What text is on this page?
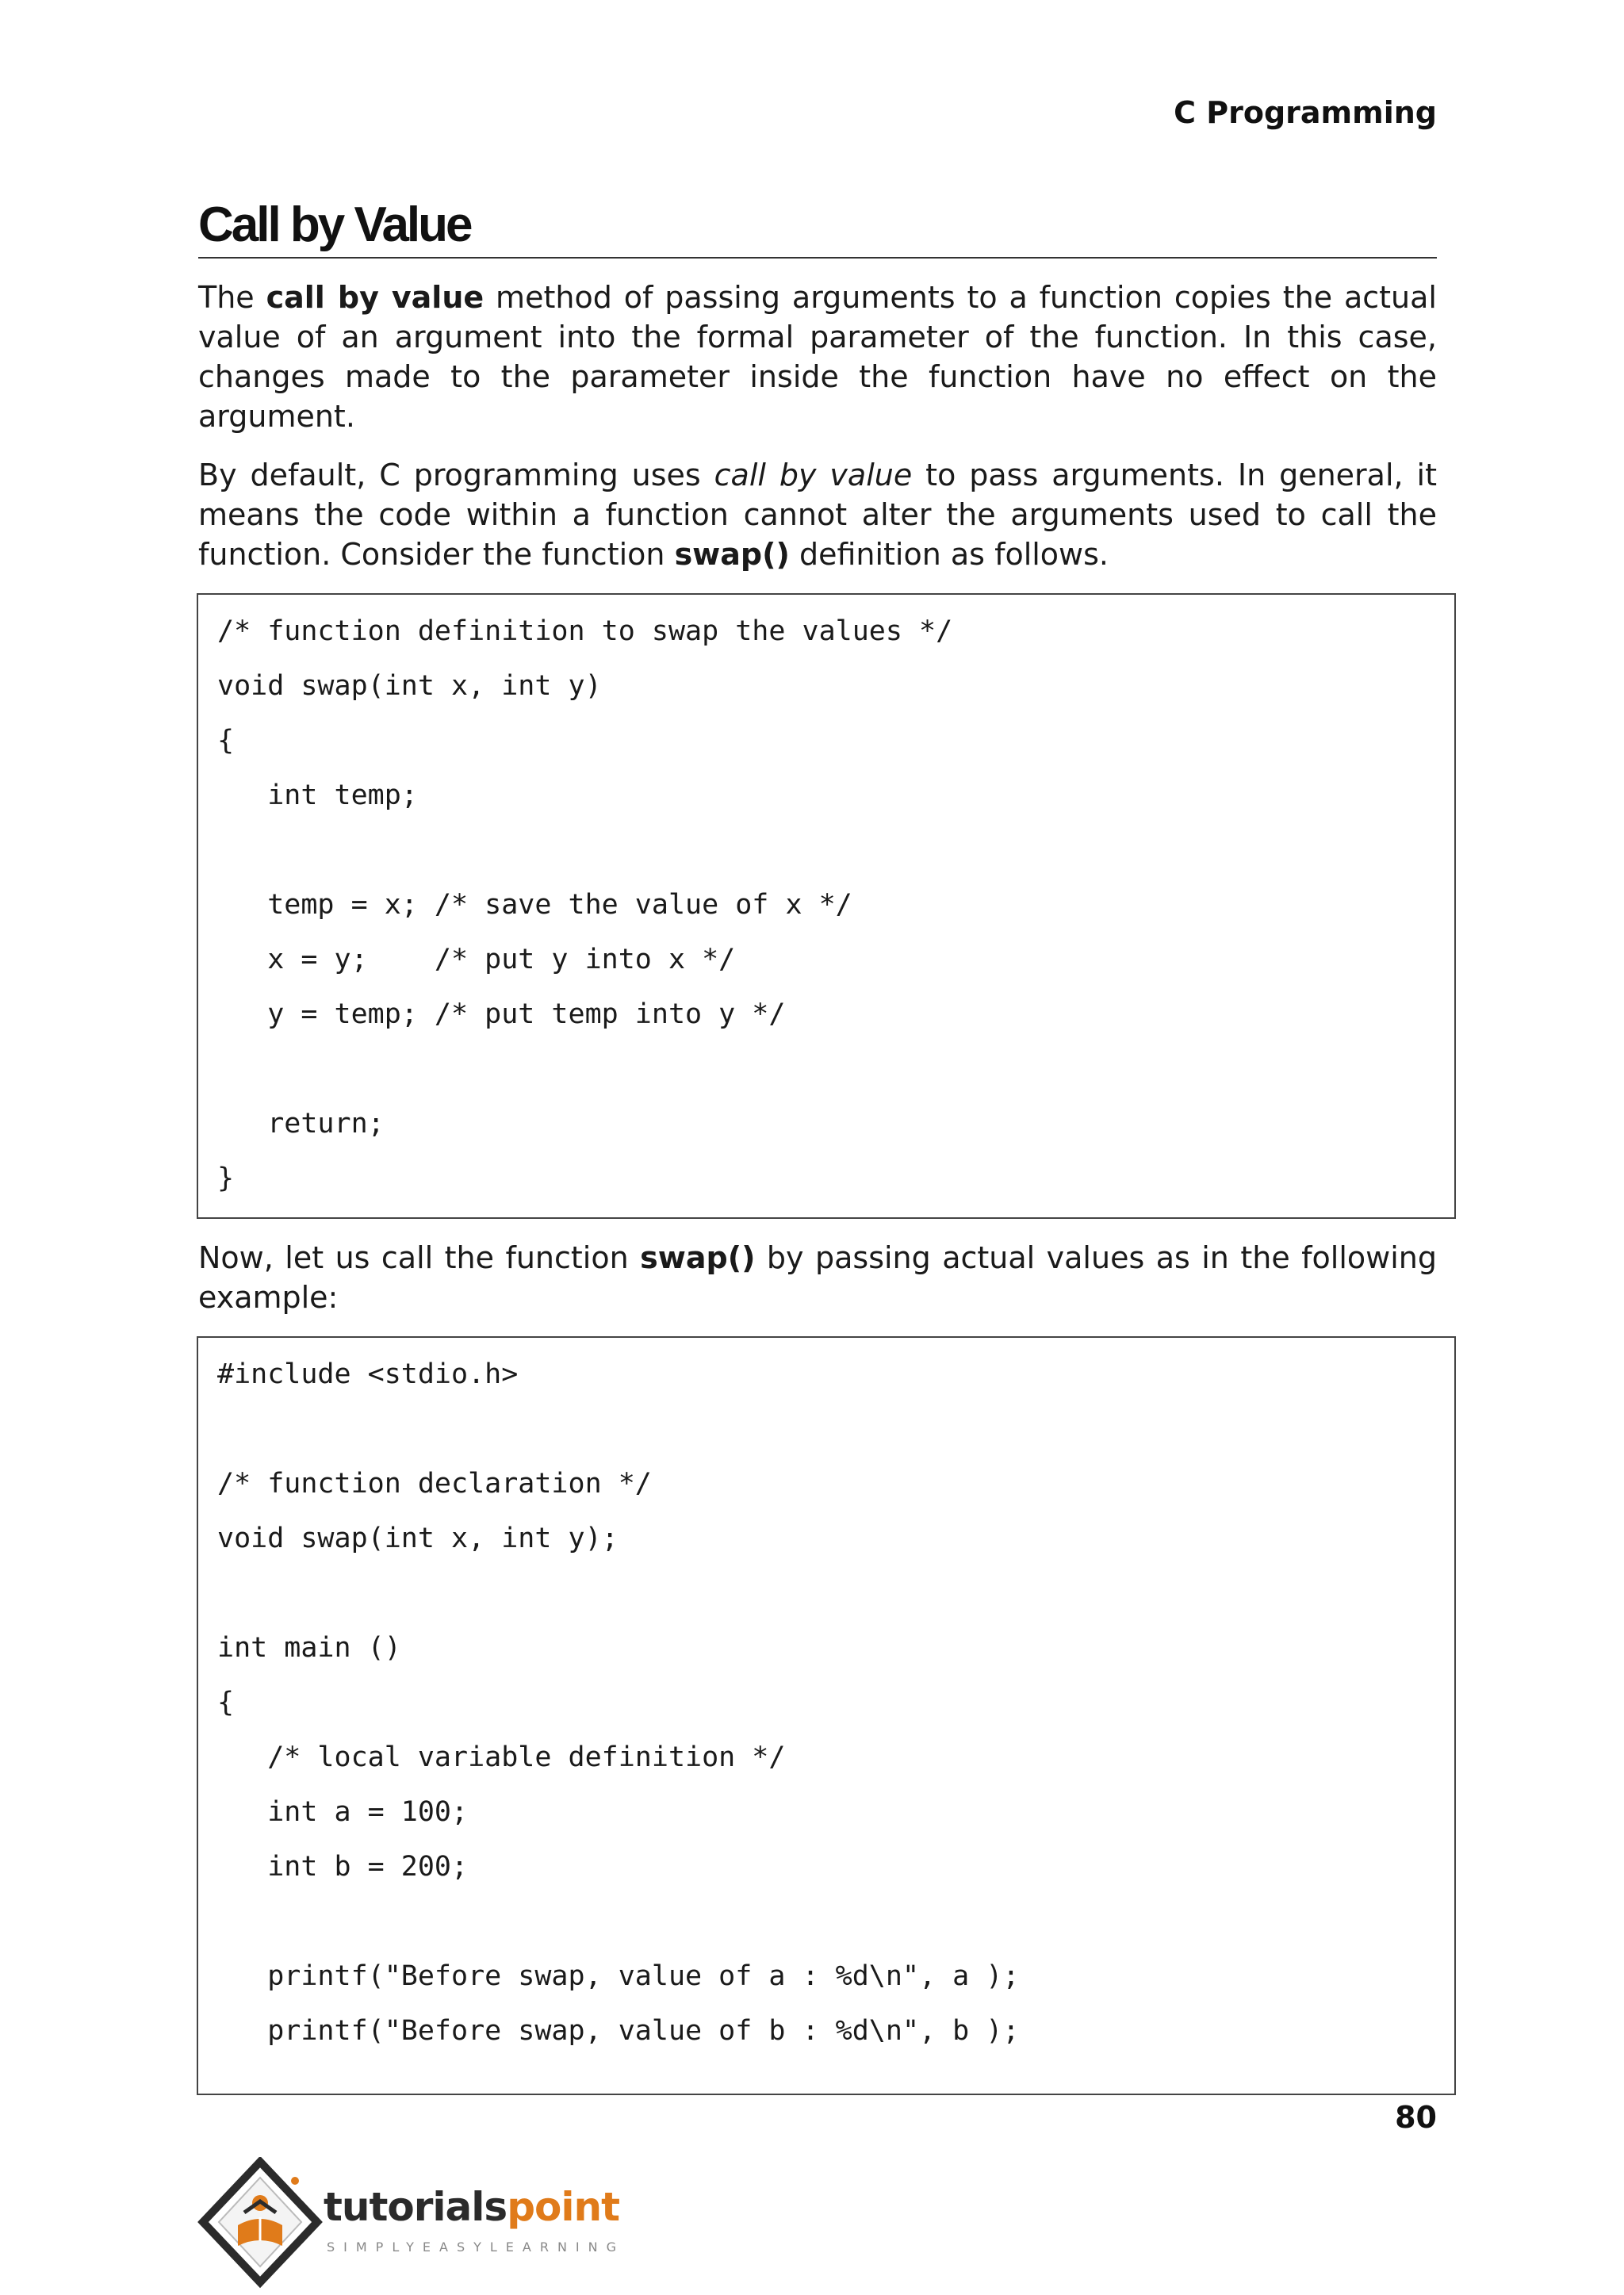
C Programming
Call by Value

The call by value method of passing arguments to a function copies the actual value of an argument into the formal parameter of the function. In this case, changes made to the parameter inside the function have no effect on the argument.

By default, C programming uses call by value to pass arguments. In general, it means the code within a function cannot alter the arguments used to call the function. Consider the function swap() definition as follows.

/* function definition to swap the values */
void swap(int x, int y)
{
int temp;
temp = x; /* save the value of x */
x = y;    /* put y into x */
y = temp; /* put temp into y */
return;
}

Now, let us call the function swap() by passing actual values as in the following example:

#include <stdio.h>
/* function declaration */
void swap(int x, int y);
int main ()
{
/* local variable definition */
int a = 100;
int b = 200;
printf("Before swap, value of a : %d\n", a );
printf("Before swap, value of b : %d\n", b );
80
tutorialspoint
SIMPLYEASYLEARNING
